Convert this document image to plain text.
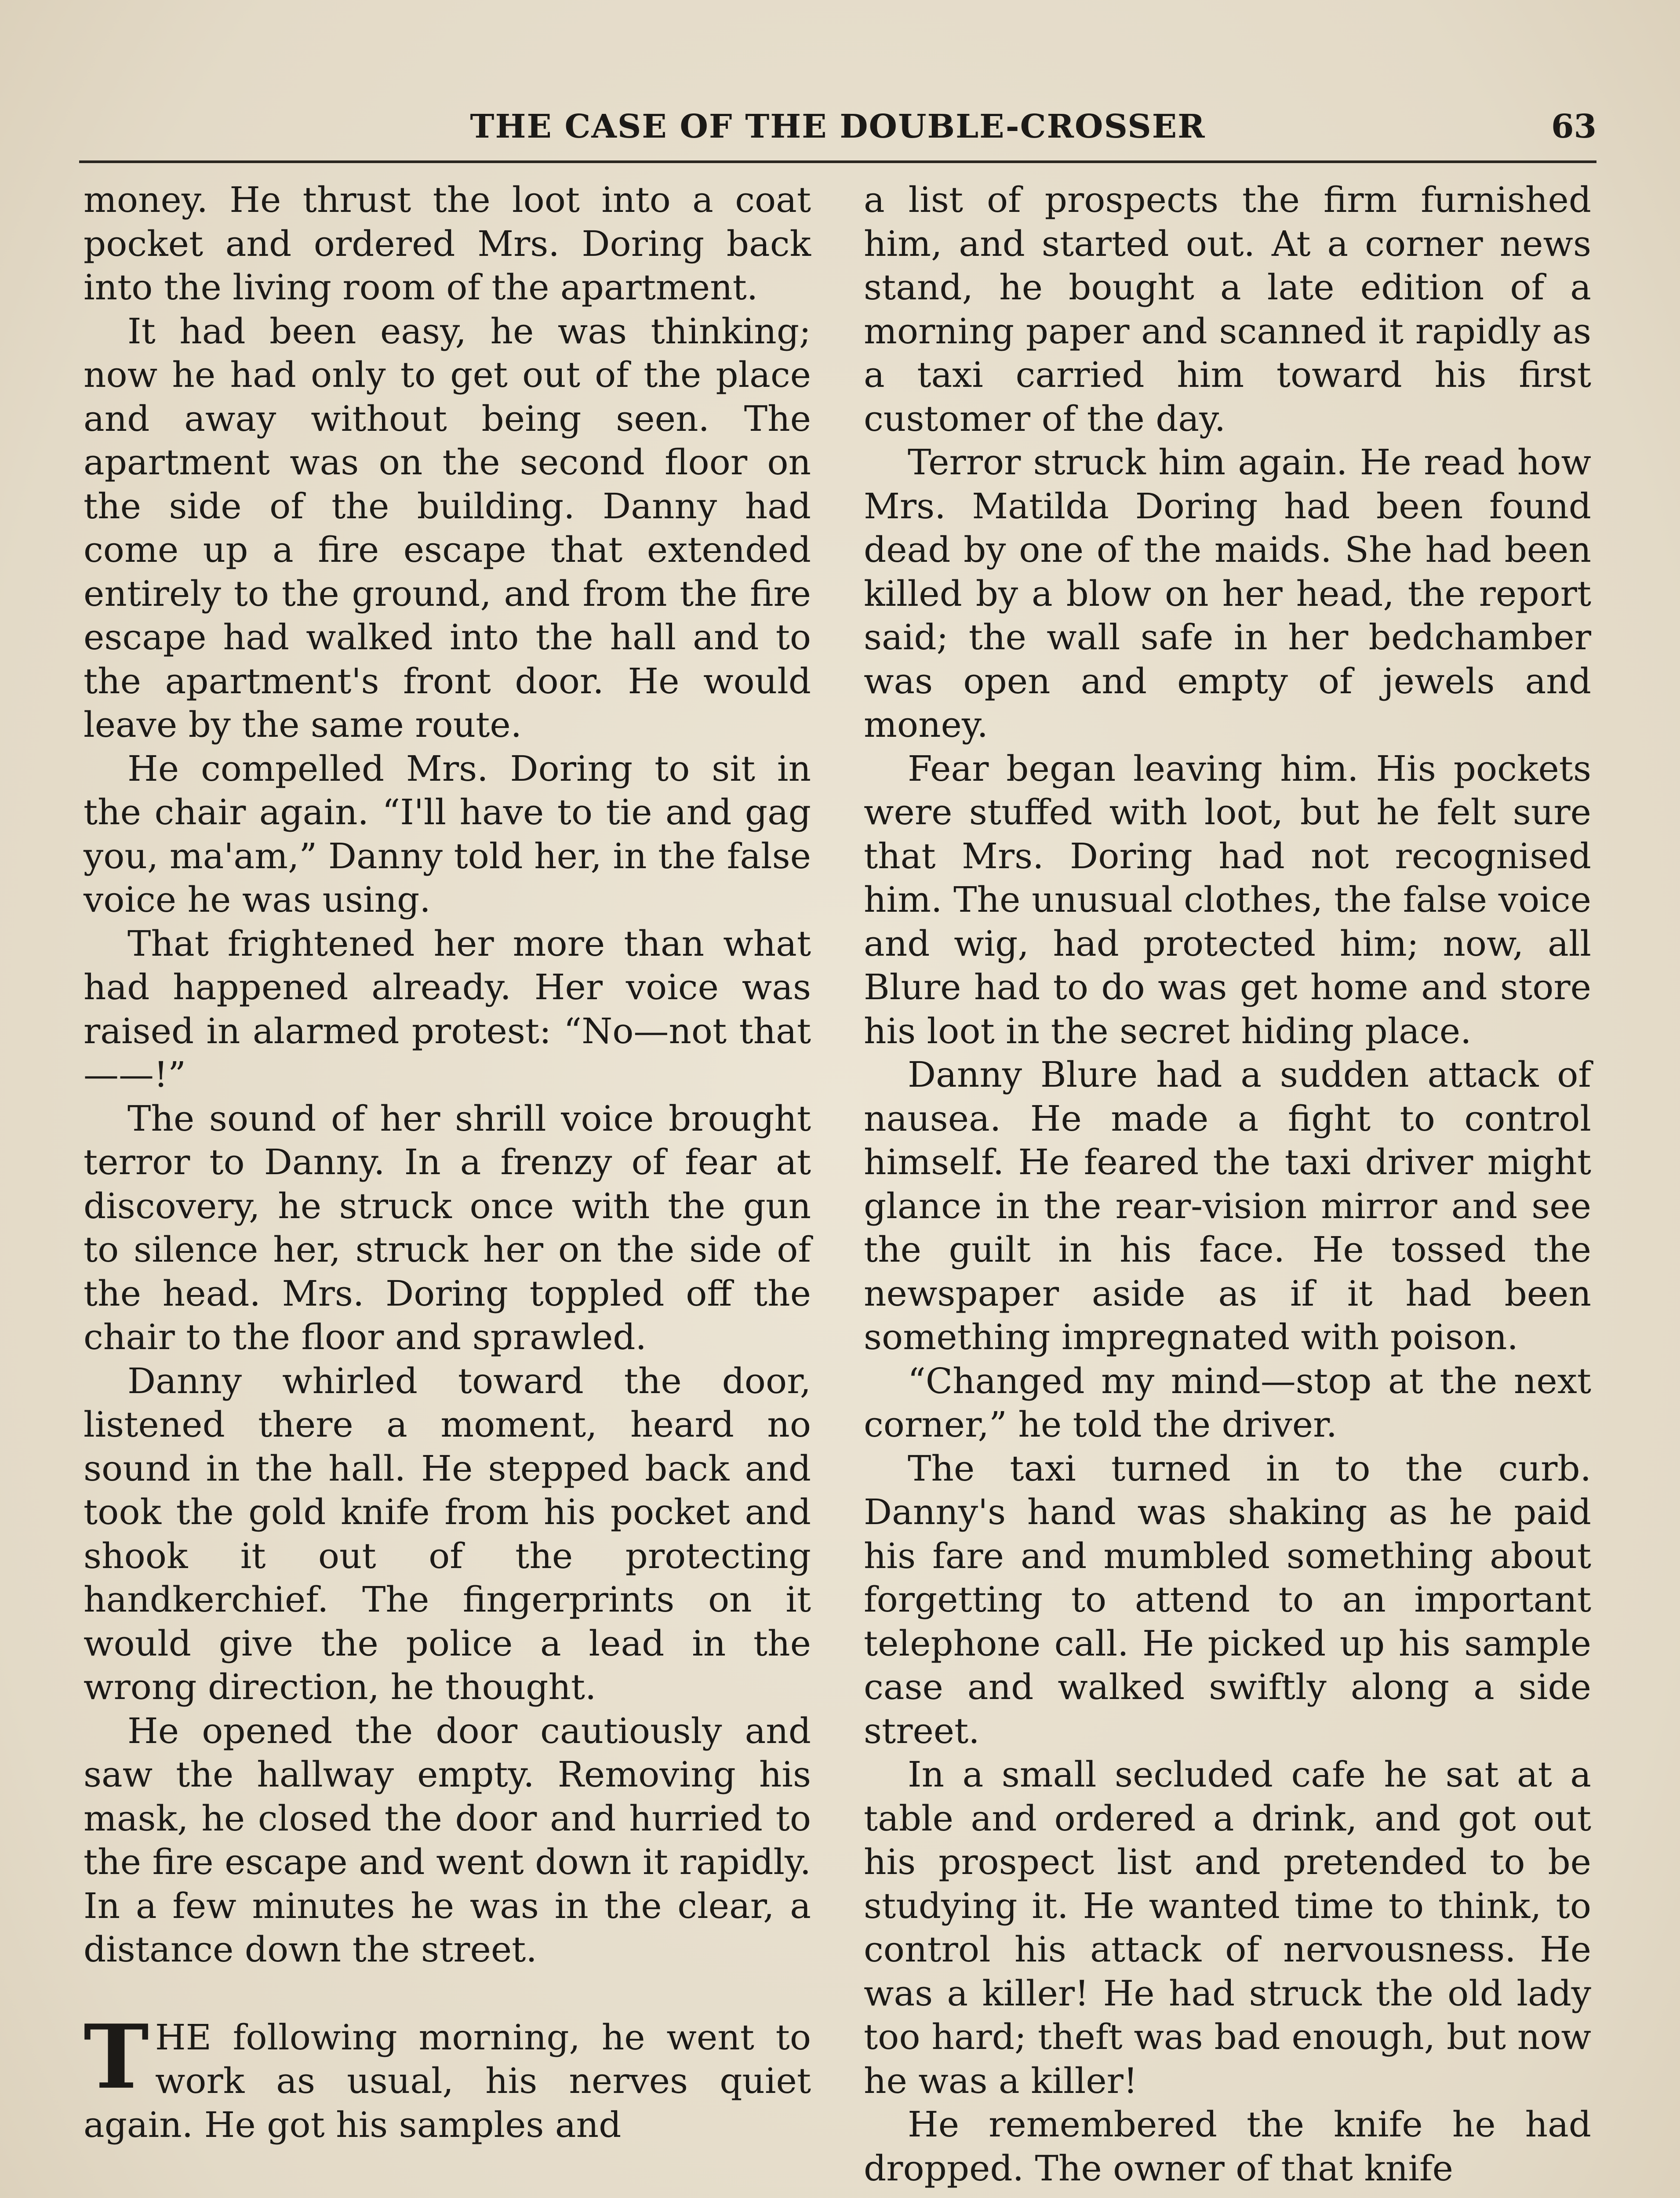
THE CASE OF THE DOUBLE-CROSSER	63

money. He thrust the loot into a coat pocket and ordered Mrs. Doring back into the living room of the apartment.

It had been easy, he was thinking; now he had only to get out of the place and away without being seen. The apartment was on the second floor on the side of the building. Danny had come up a fire escape that extended entirely to the ground, and from the fire escape had walked into the hall and to the apartment's front door. He would leave by the same route.

He compelled Mrs. Doring to sit in the chair again. “I'll have to tie and gag you, ma'am,” Danny told her, in the false voice he was using.

That frightened her more than what had happened already. Her voice was raised in alarmed protest: “No—not that——!”

The sound of her shrill voice brought terror to Danny. In a frenzy of fear at discovery, he struck once with the gun to silence her, struck her on the side of the head. Mrs. Doring toppled off the chair to the floor and sprawled.

Danny whirled toward the door, listened there a moment, heard no sound in the hall. He stepped back and took the gold knife from his pocket and shook it out of the protecting handkerchief. The fingerprints on it would give the police a lead in the wrong direction, he thought.

He opened the door cautiously and saw the hallway empty. Removing his mask, he closed the door and hurried to the fire escape and went down it rapidly. In a few minutes he was in the clear, a distance down the street.

THE following morning, he went to work as usual, his nerves quiet again. He got his samples and

a list of prospects the firm furnished him, and started out. At a corner news stand, he bought a late edition of a morning paper and scanned it rapidly as a taxi carried him toward his first customer of the day.

Terror struck him again. He read how Mrs. Matilda Doring had been found dead by one of the maids. She had been killed by a blow on her head, the report said; the wall safe in her bedchamber was open and empty of jewels and money.

Fear began leaving him. His pockets were stuffed with loot, but he felt sure that Mrs. Doring had not recognised him. The unusual clothes, the false voice and wig, had protected him; now, all Blure had to do was get home and store his loot in the secret hiding place.

Danny Blure had a sudden attack of nausea. He made a fight to control himself. He feared the taxi driver might glance in the rear-vision mirror and see the guilt in his face. He tossed the newspaper aside as if it had been something impregnated with poison.

“Changed my mind—stop at the next corner,” he told the driver.

The taxi turned in to the curb. Danny's hand was shaking as he paid his fare and mumbled something about forgetting to attend to an important telephone call. He picked up his sample case and walked swiftly along a side street.

In a small secluded cafe he sat at a table and ordered a drink, and got out his prospect list and pretended to be studying it. He wanted time to think, to control his attack of nervousness. He was a killer! He had struck the old lady too hard; theft was bad enough, but now he was a killer!

He remembered the knife he had dropped. The owner of that knife
